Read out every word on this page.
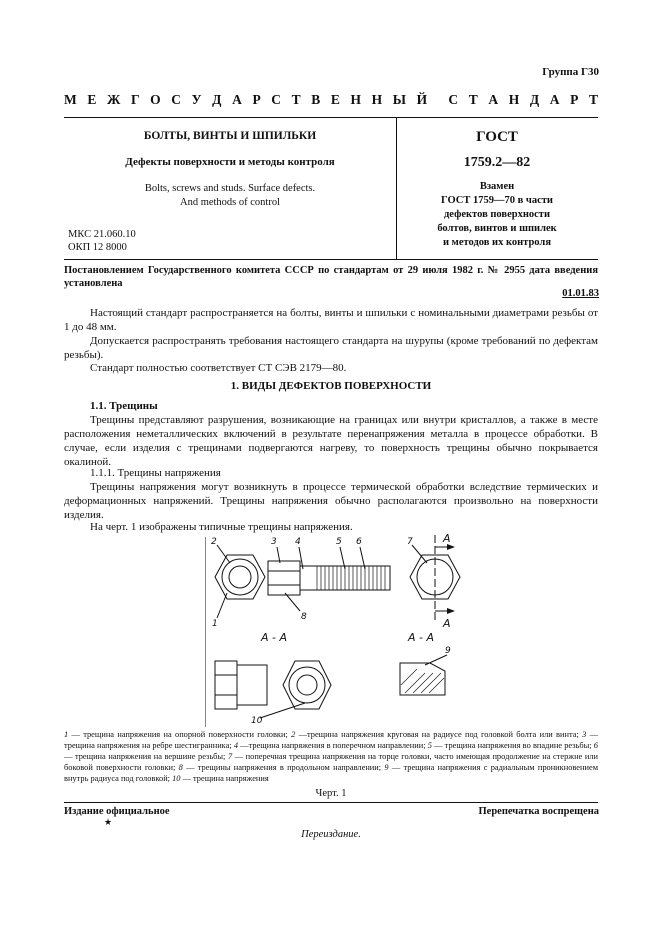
Группа Г30
М Е Ж Г О С У Д А Р С Т В Е Н Н Ы Й С Т А Н Д А Р Т
БОЛТЫ, ВИНТЫ И ШПИЛЬКИ
Дефекты поверхности и методы контроля
Bolts, screws and studs. Surface defects.
And methods of control
МКС 21.060.10
ОКП 12 8000
ГОСТ
1759.2—82
Взамен
ГОСТ 1759—70 в части
дефектов поверхности
болтов, винтов и шпилек
и методов их контроля
Постановлением Государственного комитета СССР по стандартам от 29 июля 1982 г. № 2955 дата введения установлена
01.01.83
Настоящий стандарт распространяется на болты, винты и шпильки с номинальными диаметрами резьбы от 1 до 48 мм.
Допускается распространять требования настоящего стандарта на шурупы (кроме требований по дефектам резьбы).
Стандарт полностью соответствует СТ СЭВ 2179—80.
1. ВИДЫ ДЕФЕКТОВ ПОВЕРХНОСТИ
1.1. Трещины
Трещины представляют разрушения, возникающие на границах или внутри кристаллов, а также в месте расположения неметаллических включений в результате перенапряжения металла в процессе обработки. В случае, если изделия с трещинами подвергаются нагреву, то поверхность трещины обычно покрывается окалиной.
1.1.1. Трещины напряжения
Трещины напряжения могут возникнуть в процессе термической обработки вследствие термических и деформационных напряжений. Трещины напряжения обычно располагаются произвольно на поверхности изделия.
На черт. 1 изображены типичные трещины напряжения.
2	3 4	5 6	7
1
8
9
10
А
А
А - А	А - А
1 — трещина напряжения на опорной поверхности головки; 2 —трещина напряжения круговая на радиусе под головкой болта или винта; 3 — трещина напряжения на ребре шестигранника; 4 —трещина напряжения в поперечном направлении; 5 — трещина напряжения во впадине резьбы; 6 — трещина напряжения на вершине резьбы; 7 — поперечная трещина напряжения на торце головки, часто имеющая продолжение на стержне или боковой поверхности головки; 8 — трещины напряжения в продольном направлении; 9 — трещина напряжения с радиальным проникновением внутрь радиуса под головкой; 10 — трещина напряжения
Черт. 1
Издание официальное
★
Перепечатка воспрещена
Переиздание.
